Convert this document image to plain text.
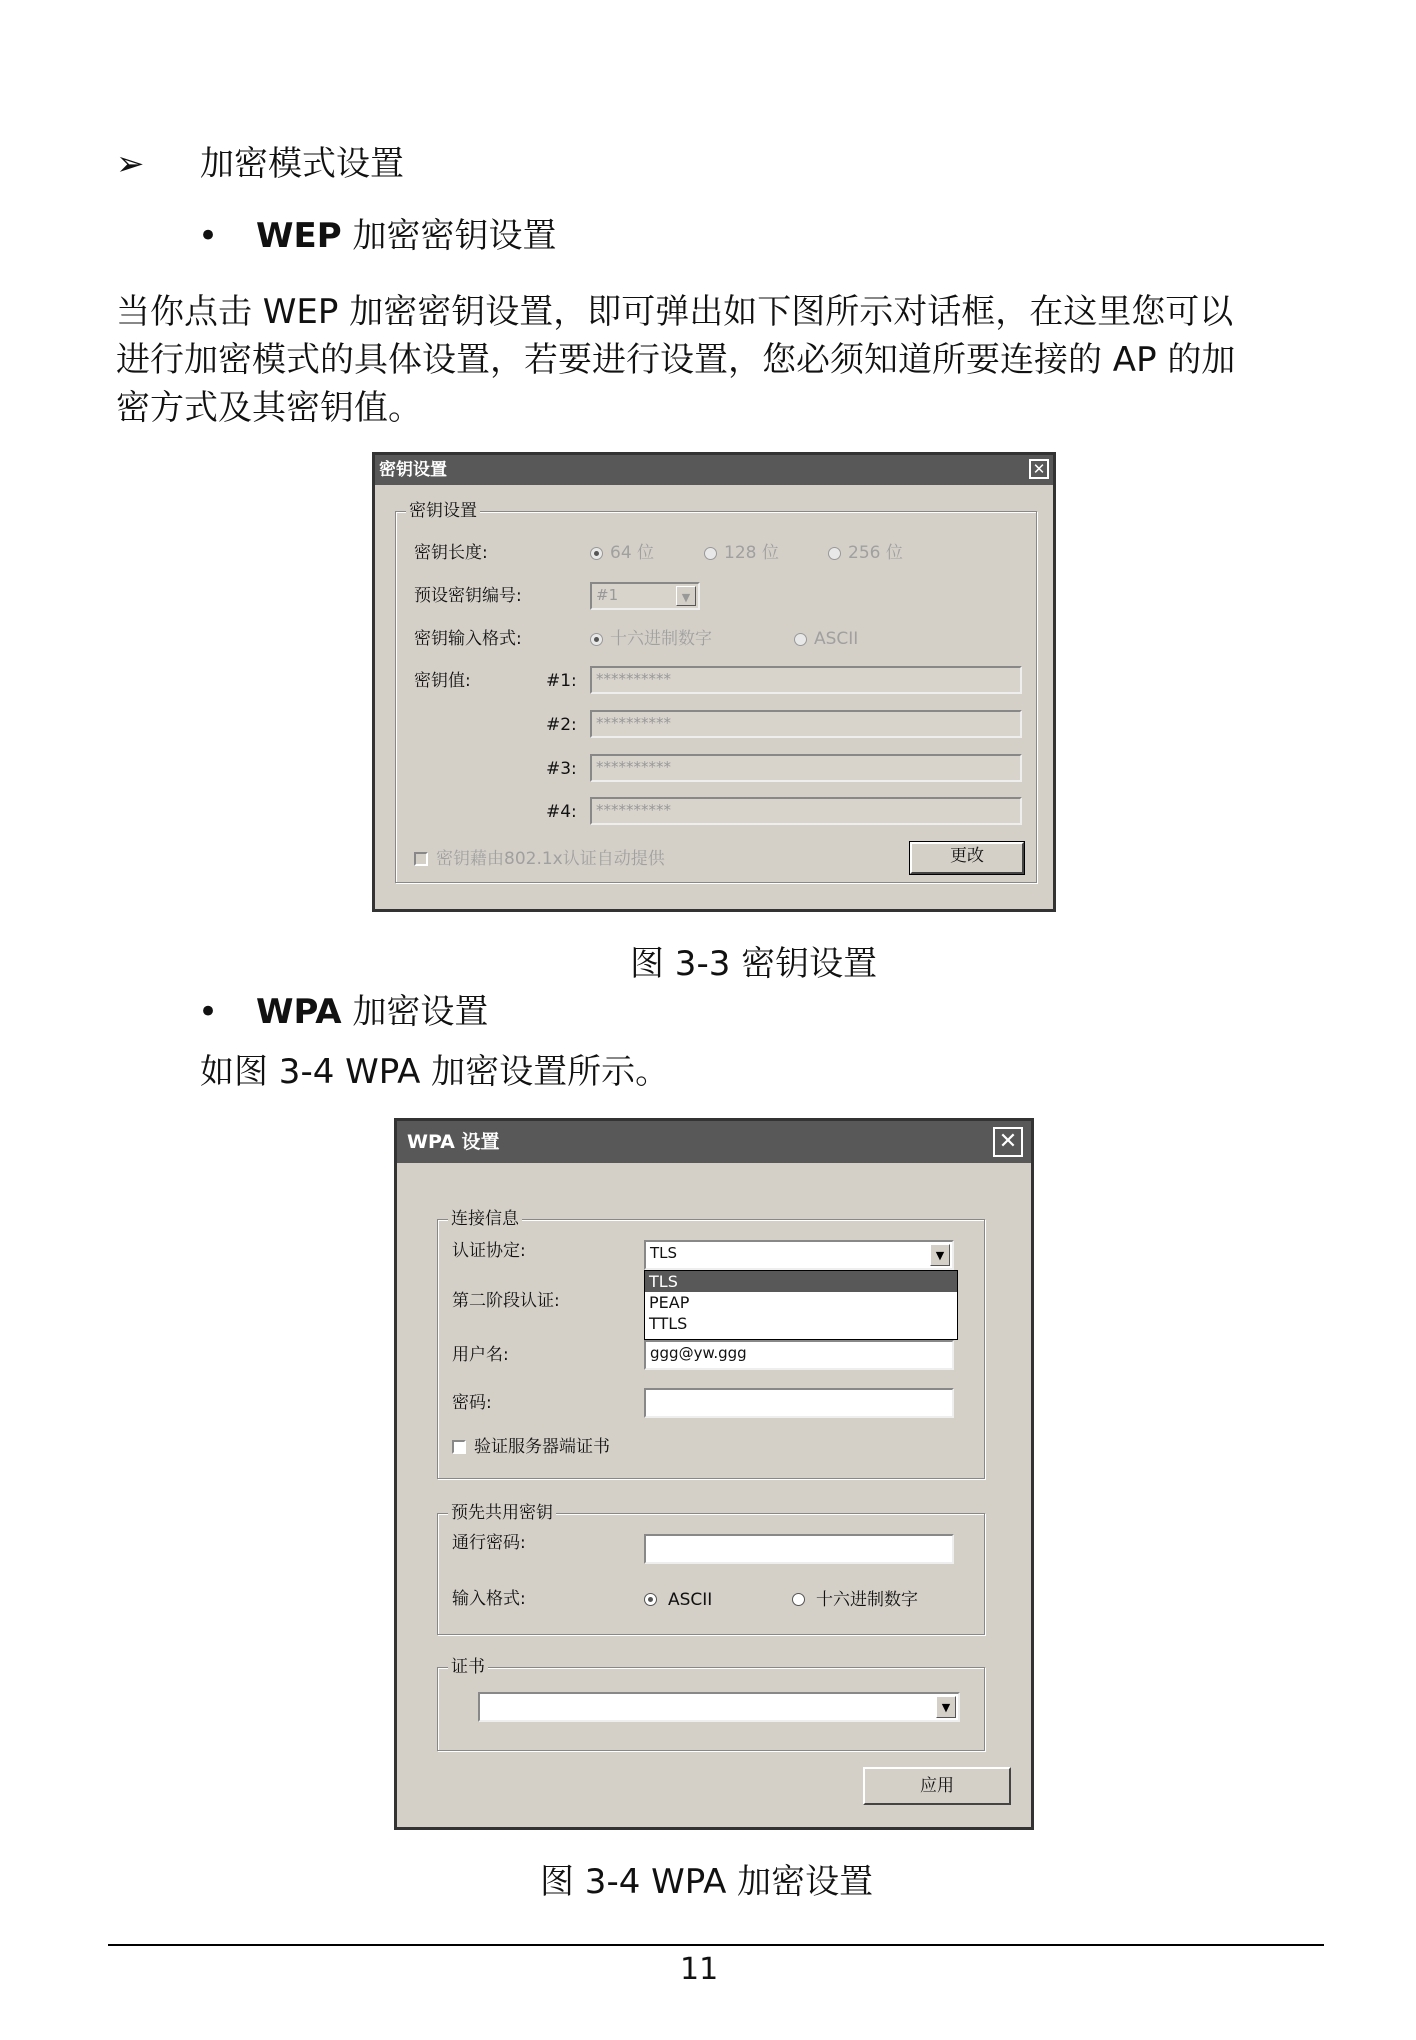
➢ 加密模式设置
• WEP 加密密钥设置
当你点击 WEP 加密密钥设置，即可弹出如下图所示对话框，在这里您可以
进行加密模式的具体设置，若要进行设置，您必须知道所要连接的 AP 的加
密方式及其密钥值。
密钥设置	✕
密钥设置
密钥长度:	64 位	128 位	256 位
预设密钥编号:	#1	▼
密钥输入格式:	十六进制数字	ASCII
密钥值:	#1:	**********
#2:	**********
#3:	**********
#4:	**********
密钥藉由802.1x认证自动提供	更改
图 3-3 密钥设置
• WPA 加密设置
如图 3-4 WPA 加密设置所示。
WPA 设置	✕
连接信息
认证协定:	TLS	▼
TLS
PEAP
TTLS
第二阶段认证:
用户名:	ggg@yw.ggg
密码:
验证服务器端证书
预先共用密钥
通行密码:
输入格式:	ASCII	十六进制数字
证书
▼
应用
图 3-4 WPA 加密设置
11
